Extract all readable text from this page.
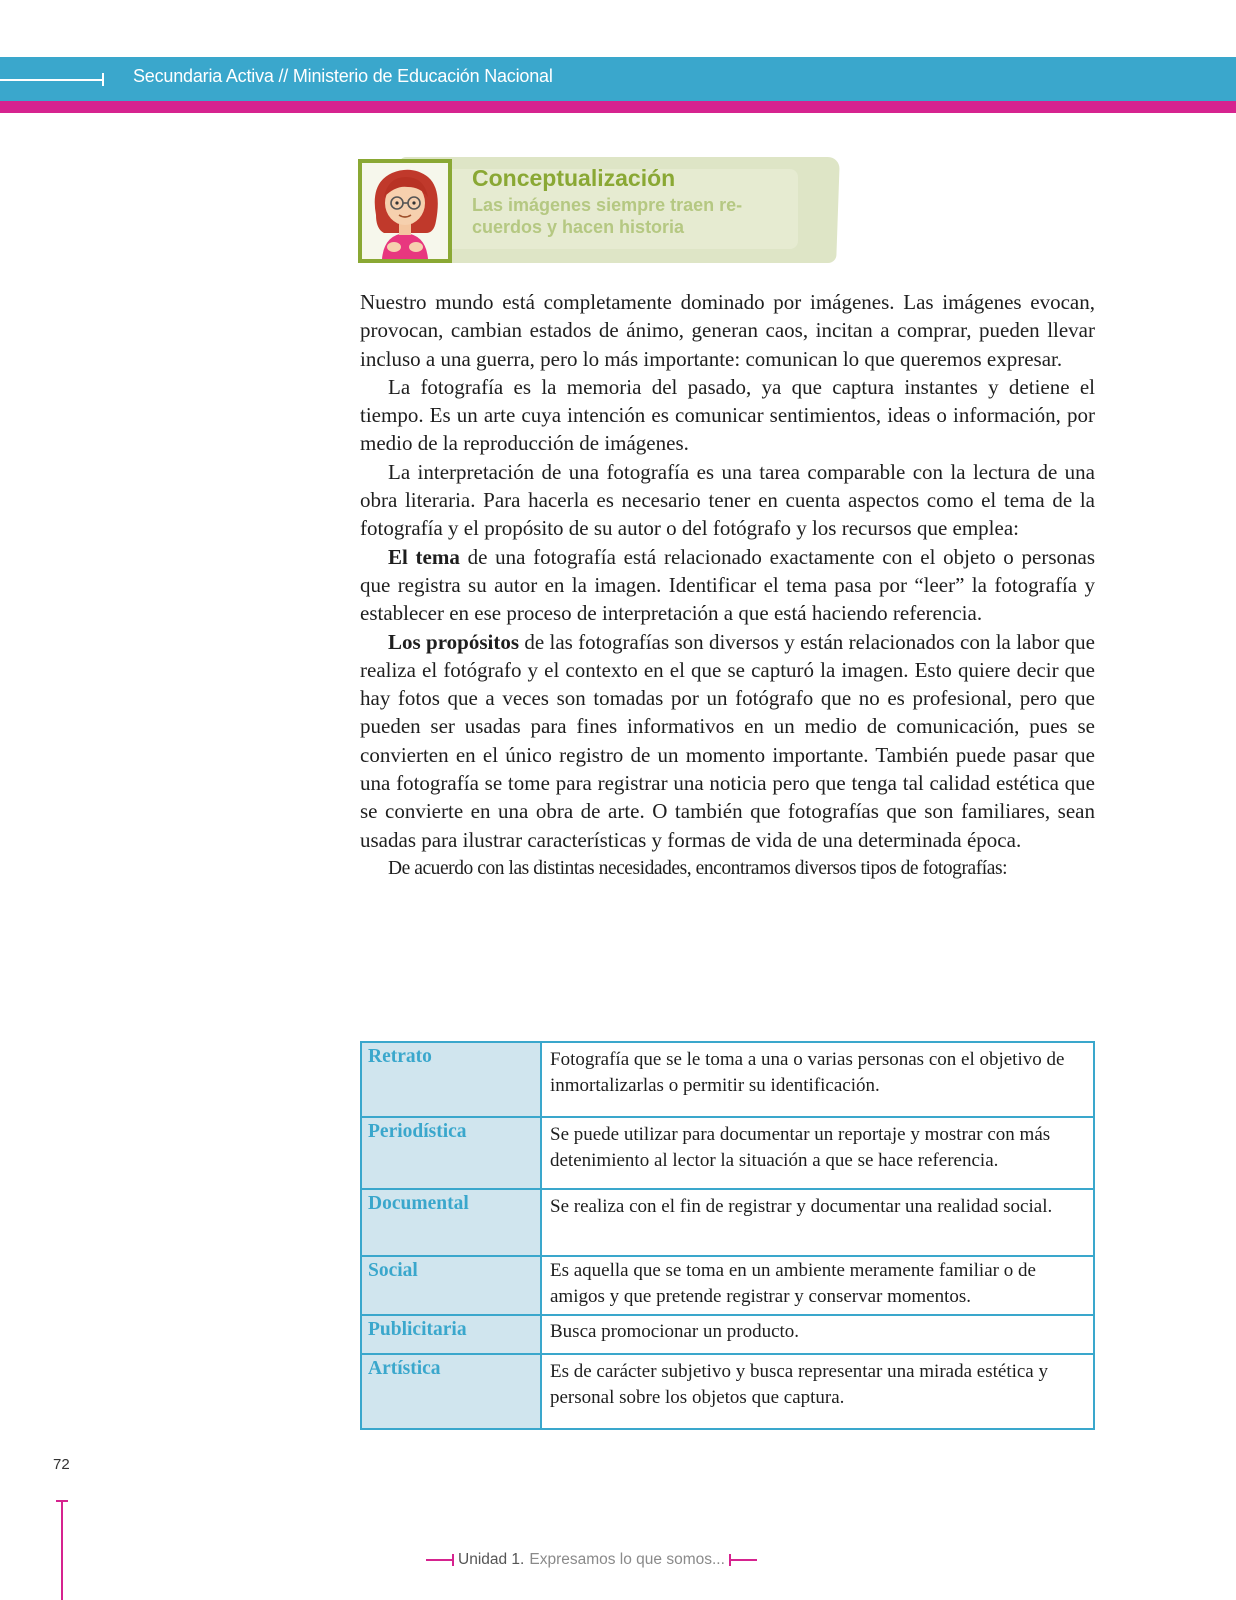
Secundaria Activa // Ministerio de Educación Nacional
Conceptualización
Las imágenes siempre traen re-
cuerdos y hacen historia

Nuestro mundo está completamente dominado por imágenes. Las imágenes evocan, provocan, cambian estados de ánimo, generan caos, incitan a comprar, pueden llevar incluso a una guerra, pero lo más importante: comunican lo que queremos expresar.

La fotografía es la memoria del pasado, ya que captura instantes y detiene el tiempo. Es un arte cuya intención es comunicar sentimientos, ideas o información, por medio de la reproducción de imágenes.

La interpretación de una fotografía es una tarea comparable con la lectura de una obra literaria. Para hacerla es necesario tener en cuenta aspectos como el tema de la fotografía y el propósito de su autor o del fotógrafo y los recursos que emplea:

El tema de una fotografía está relacionado exactamente con el objeto o personas que registra su autor en la imagen. Identificar el tema pasa por “leer” la fotografía y establecer en ese proceso de interpretación a que está haciendo referencia.

Los propósitos de las fotografías son diversos y están relacionados con la labor que realiza el fotógrafo y el contexto en el que se capturó la imagen. Esto quiere decir que hay fotos que a veces son tomadas por un fotógrafo que no es profesional, pero que pueden ser usadas para fines informativos en un medio de comunicación, pues se convierten en el único registro de un momento importante. También puede pasar que una fotografía se tome para registrar una noticia pero que tenga tal calidad estética que se convierte en una obra de arte. O también que fotografías que son familiares, sean usadas para ilustrar características y formas de vida de una determinada época.

De acuerdo con las distintas necesidades, encontramos diversos tipos de fotografías:

Retrato	Fotografía que se le toma a una o varias personas con el objetivo de inmortalizarlas o permitir su identificación.
Periodística	Se puede utilizar para documentar un reportaje y mostrar con más detenimiento al lector la situación a que se hace referencia.
Documental	Se realiza con el fin de registrar y documentar una realidad social.
Social	Es aquella que se toma en un ambiente meramente familiar o de amigos y que pretende registrar y conservar momentos.
Publicitaria	Busca promocionar un producto.
Artística	Es de carácter subjetivo y busca representar una mirada estética y personal sobre los objetos que captura.
72
Unidad 1. Expresamos lo que somos...
